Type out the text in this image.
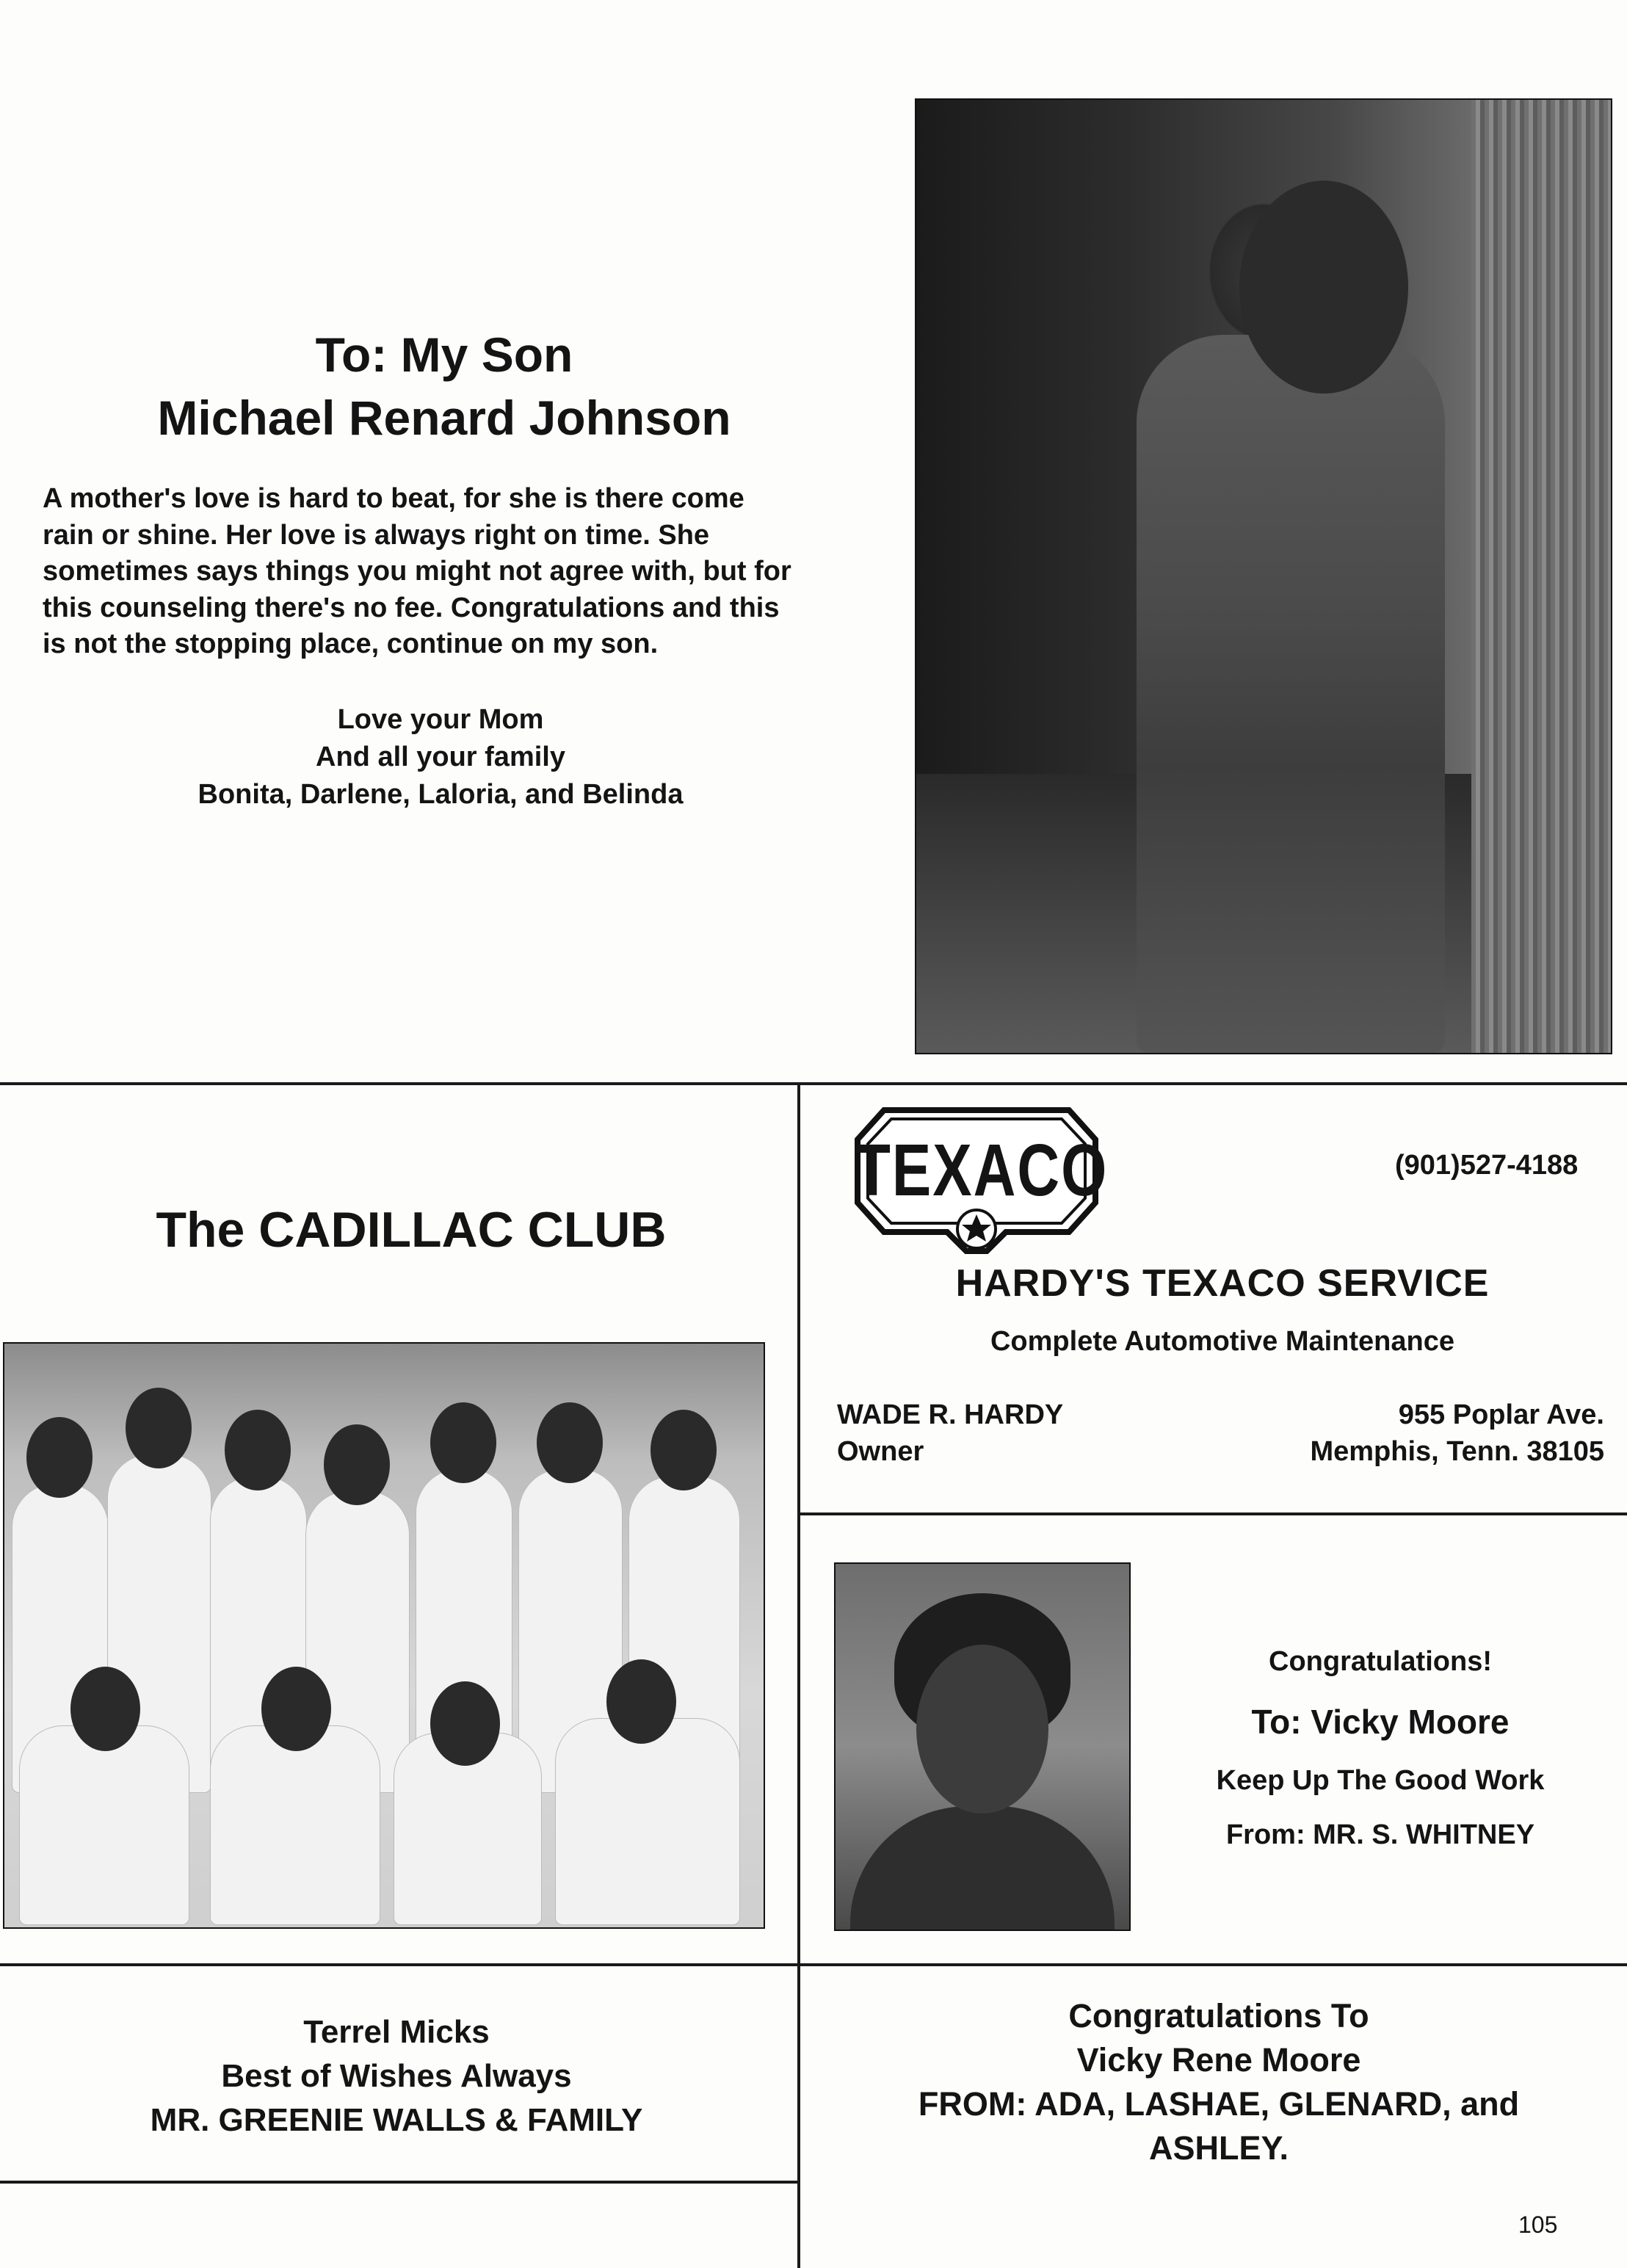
To: My Son
Michael Renard Johnson
A mother's love is hard to beat, for she is there come
rain or shine. Her love is always right on time. She
sometimes says things you might not agree with, but for
this counseling there's no fee. Congratulations and this
is not the stopping place, continue on my son.
Love your Mom
And all your family
Bonita, Darlene, Laloria, and Belinda
The CADILLAC CLUB
TEXACO	(901)527-4188
HARDY'S TEXACO SERVICE
Complete Automotive Maintenance
WADE R. HARDY
Owner
955 Poplar Ave.
Memphis, Tenn. 38105
Congratulations!
To: Vicky Moore
Keep Up The Good Work
From: MR. S. WHITNEY
Terrel Micks
Best of Wishes Always
MR. GREENIE WALLS & FAMILY
Congratulations To
Vicky Rene Moore
FROM: ADA, LASHAE, GLENARD, and
ASHLEY.
105
